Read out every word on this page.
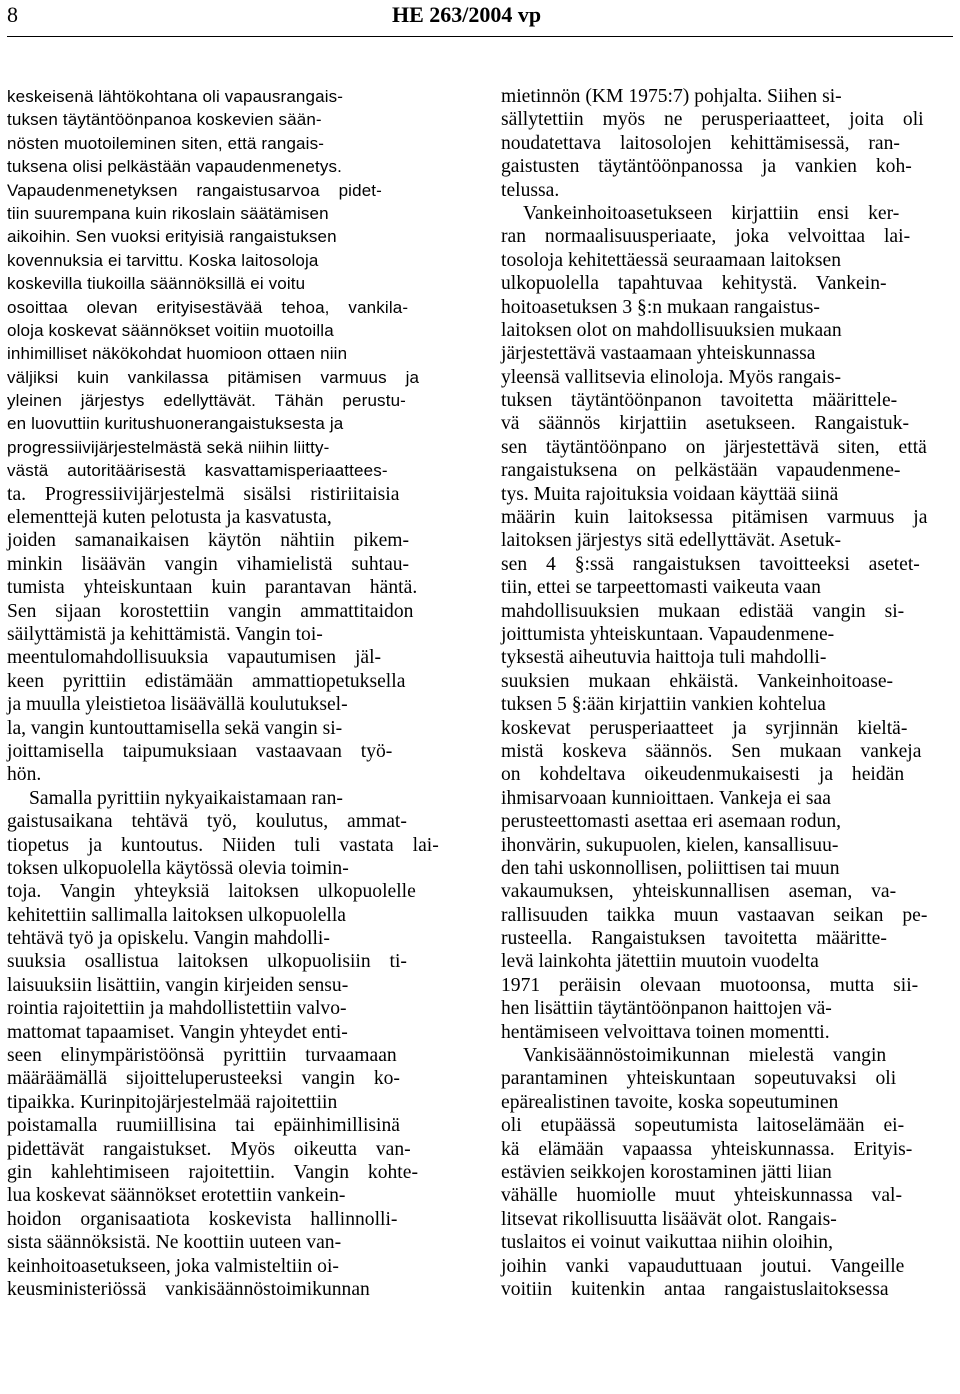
8	HE 263/2004 vp
keskeisenä lähtökohtana oli vapausrangais-
tuksen täytäntöönpanoa koskevien sään-
nösten muotoileminen siten, että rangais-
tuksena olisi pelkästään vapaudenmenetys.
Vapaudenmenetyksen rangaistusarvoa pidet-
tiin suurempana kuin rikoslain säätämisen
aikoihin. Sen vuoksi erityisiä rangaistuksen
kovennuksia ei tarvittu. Koska laitosoloja
koskevilla tiukoilla säännöksillä ei voitu
osoittaa olevan erityisestävää tehoa, vankila-
oloja koskevat säännökset voitiin muotoilla
inhimilliset näkökohdat huomioon ottaen niin
väljiksi kuin vankilassa pitämisen varmuus ja
yleinen järjestys edellyttävät. Tähän perustu-
en luovuttiin kuritushuonerangaistuksesta ja
progressiivijärjestelmästä sekä niihin liitty-
västä autoritäärisestä kasvattamisperiaattees-
ta. Progressiivijärjestelmä sisälsi ristiriitaisia
elementtejä kuten pelotusta ja kasvatusta,
joiden samanaikaisen käytön nähtiin pikem-
minkin lisäävän vangin vihamielistä suhtau-
tumista yhteiskuntaan kuin parantavan häntä.
Sen sijaan korostettiin vangin ammattitaidon
säilyttämistä ja kehittämistä. Vangin toi-
meentulomahdollisuuksia vapautumisen jäl-
keen pyrittiin edistämään ammattiopetuksella
ja muulla yleistietoa lisäävällä koulutuksel-
la, vangin kuntouttamisella sekä vangin si-
joittamisella taipumuksiaan vastaavaan työ-
hön.
Samalla pyrittiin nykyaikaistamaan ran-
gaistusaikana tehtävä työ, koulutus, ammat-
tiopetus ja kuntoutus. Niiden tuli vastata lai-
toksen ulkopuolella käytössä olevia toimin-
toja. Vangin yhteyksiä laitoksen ulkopuolelle
kehitettiin sallimalla laitoksen ulkopuolella
tehtävä työ ja opiskelu. Vangin mahdolli-
suuksia osallistua laitoksen ulkopuolisiin ti-
laisuuksiin lisättiin, vangin kirjeiden sensu-
rointia rajoitettiin ja mahdollistettiin valvo-
mattomat tapaamiset. Vangin yhteydet enti-
seen elinympäristöönsä pyrittiin turvaamaan
määräämällä sijoitteluperusteeksi vangin ko-
tipaikka. Kurinpitojärjestelmää rajoitettiin
poistamalla ruumiillisina tai epäinhimillisinä
pidettävät rangaistukset. Myös oikeutta van-
gin kahlehtimiseen rajoitettiin. Vangin kohte-
lua koskevat säännökset erotettiin vankein-
hoidon organisaatiota koskevista hallinnolli-
sista säännöksistä. Ne koottiin uuteen van-
keinhoitoasetukseen, joka valmisteltiin oi-
keusministeriössä vankisäännöstoimikunnan
mietinnön (KM 1975:7) pohjalta. Siihen si-
sällytettiin myös ne perusperiaatteet, joita oli
noudatettava laitosolojen kehittämisessä, ran-
gaistusten täytäntöönpanossa ja vankien koh-
telussa.
Vankeinhoitoasetukseen kirjattiin ensi ker-
ran normaalisuusperiaate, joka velvoittaa lai-
tosoloja kehitettäessä seuraamaan laitoksen
ulkopuolella tapahtuvaa kehitystä. Vankein-
hoitoasetuksen 3 §:n mukaan rangaistus-
laitoksen olot on mahdollisuuksien mukaan
järjestettävä vastaamaan yhteiskunnassa
yleensä vallitsevia elinoloja. Myös rangais-
tuksen täytäntöönpanon tavoitetta määrittele-
vä säännös kirjattiin asetukseen. Rangaistuk-
sen täytäntöönpano on järjestettävä siten, että
rangaistuksena on pelkästään vapaudenmene-
tys. Muita rajoituksia voidaan käyttää siinä
määrin kuin laitoksessa pitämisen varmuus ja
laitoksen järjestys sitä edellyttävät. Asetuk-
sen 4 §:ssä rangaistuksen tavoitteeksi asetet-
tiin, ettei se tarpeettomasti vaikeuta vaan
mahdollisuuksien mukaan edistää vangin si-
joittumista yhteiskuntaan. Vapaudenmene-
tyksestä aiheutuvia haittoja tuli mahdolli-
suuksien mukaan ehkäistä. Vankeinhoitoase-
tuksen 5 §:ään kirjattiin vankien kohtelua
koskevat perusperiaatteet ja syrjinnän kieltä-
mistä koskeva säännös. Sen mukaan vankeja
on kohdeltava oikeudenmukaisesti ja heidän
ihmisarvoaan kunnioittaen. Vankeja ei saa
perusteettomasti asettaa eri asemaan rodun,
ihonvärin, sukupuolen, kielen, kansallisuu-
den tahi uskonnollisen, poliittisen tai muun
vakaumuksen, yhteiskunnallisen aseman, va-
rallisuuden taikka muun vastaavan seikan pe-
rusteella. Rangaistuksen tavoitetta määritte-
levä lainkohta jätettiin muutoin vuodelta
1971 peräisin olevaan muotoonsa, mutta sii-
hen lisättiin täytäntöönpanon haittojen vä-
hentämiseen velvoittava toinen momentti.
Vankisäännöstoimikunnan mielestä vangin
parantaminen yhteiskuntaan sopeutuvaksi oli
epärealistinen tavoite, koska sopeutuminen
oli etupäässä sopeutumista laitoselämään ei-
kä elämään vapaassa yhteiskunnassa. Erityis-
estävien seikkojen korostaminen jätti liian
vähälle huomiolle muut yhteiskunnassa val-
litsevat rikollisuutta lisäävät olot. Rangais-
tuslaitos ei voinut vaikuttaa niihin oloihin,
joihin vanki vapauduttuaan joutui. Vangeille
voitiin kuitenkin antaa rangaistuslaitoksessa
